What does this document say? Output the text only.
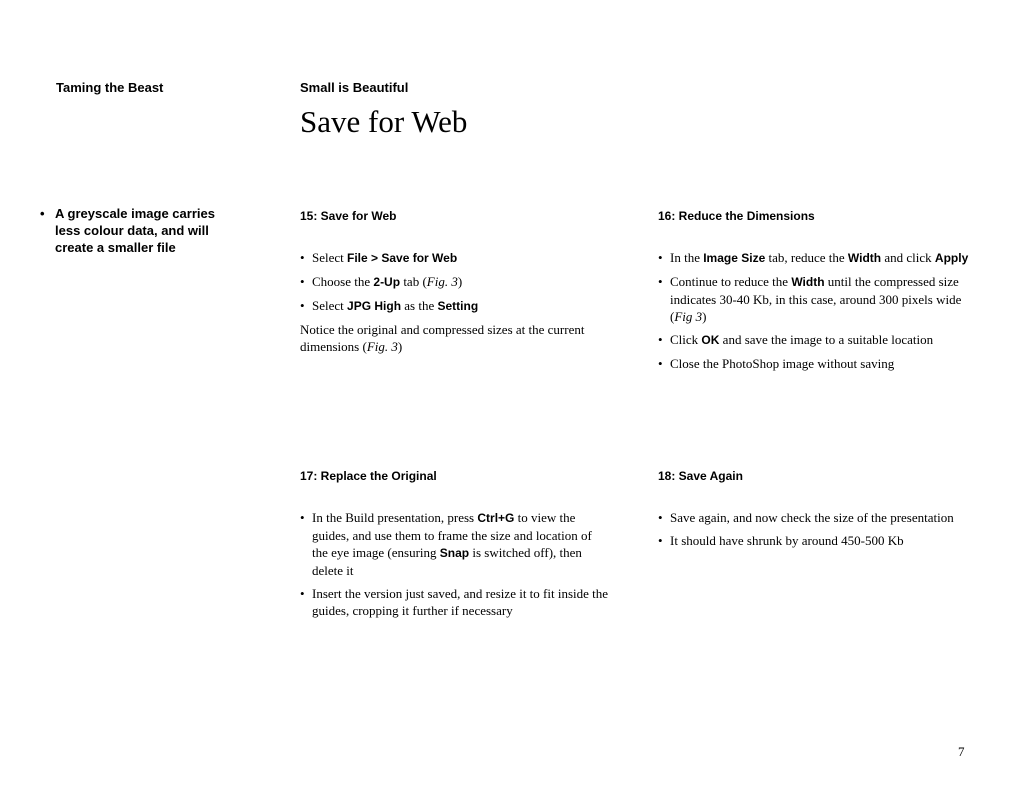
Taming the Beast	Small is Beautiful
Save for Web
• A greyscale image carries less colour data, and will create a smaller file
15: Save for Web
• Select File > Save for Web
• Choose the 2-Up tab (Fig. 3)
• Select JPG High as the Setting

Notice the original and compressed sizes at the current dimensions (Fig. 3)

16: Reduce the Dimensions
• In the Image Size tab, reduce the Width and click Apply
• Continue to reduce the Width until the compressed size indicates 30-40 Kb, in this case, around 300 pixels wide (Fig 3)
• Click OK and save the image to a suitable location
• Close the PhotoShop image without saving
17: Replace the Original
• In the Build presentation, press Ctrl+G to view the guides, and use them to frame the size and location of the eye image (ensuring Snap is switched off), then delete it
• Insert the version just saved, and resize it to fit inside the guides, cropping it further if necessary
18: Save Again
• Save again, and now check the size of the presentation
• It should have shrunk by around 450-500 Kb
7
